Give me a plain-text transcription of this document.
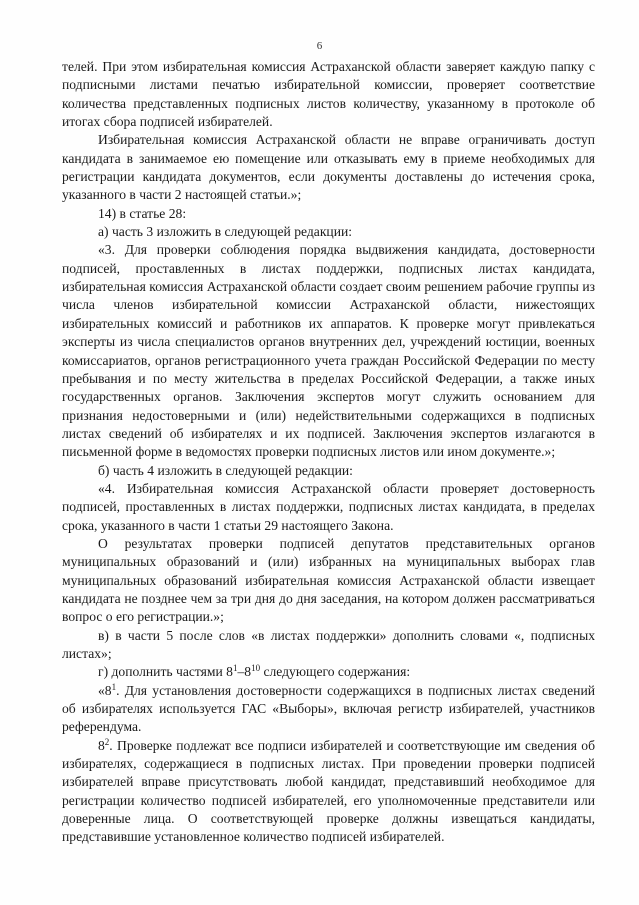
6

телей. При этом избирательная комиссия Астраханской области заверяет каждую папку с подписными листами печатью избирательной комиссии, проверяет соответствие количества представленных подписных листов количеству, указанному в протоколе об итогах сбора подписей избирателей.

Избирательная комиссия Астраханской области не вправе ограничивать доступ кандидата в занимаемое ею помещение или отказывать ему в приеме необходимых для регистрации кандидата документов, если документы доставлены до истечения срока, указанного в части 2 настоящей статьи.»;

14) в статье 28:

а) часть 3 изложить в следующей редакции:

«3. Для проверки соблюдения порядка выдвижения кандидата, достоверности подписей, проставленных в листах поддержки, подписных листах кандидата, избирательная комиссия Астраханской области создает своим решением рабочие группы из числа членов избирательной комиссии Астраханской области, нижестоящих избирательных комиссий и работников их аппаратов. К проверке могут привлекаться эксперты из числа специалистов органов внутренних дел, учреждений юстиции, военных комиссариатов, органов регистрационного учета граждан Российской Федерации по месту пребывания и по месту жительства в пределах Российской Федерации, а также иных государственных органов. Заключения экспертов могут служить основанием для признания недостоверными и (или) недействительными содержащихся в подписных листах сведений об избирателях и их подписей. Заключения экспертов излагаются в письменной форме в ведомостях проверки подписных листов или ином документе.»;

б) часть 4 изложить в следующей редакции:

«4. Избирательная комиссия Астраханской области проверяет достоверность подписей, проставленных в листах поддержки, подписных листах кандидата, в пределах срока, указанного в части 1 статьи 29 настоящего Закона.

О результатах проверки подписей депутатов представительных органов муниципальных образований и (или) избранных на муниципальных выборах глав муниципальных образований избирательная комиссия Астраханской области извещает кандидата не позднее чем за три дня до дня заседания, на котором должен рассматриваться вопрос о его регистрации.»;

в) в части 5 после слов «в листах поддержки» дополнить словами «, подписных листах»;

г) дополнить частями $8^1-8^{10}$ следующего содержания:

«$8^1$. Для установления достоверности содержащихся в подписных листах сведений об избирателях используется ГАС «Выборы», включая регистр избирателей, участников референдума.

$8^2$. Проверке подлежат все подписи избирателей и соответствующие им сведения об избирателях, содержащиеся в подписных листах. При проведении проверки подписей избирателей вправе присутствовать любой кандидат, представивший необходимое для регистрации количество подписей избирателей, его уполномоченные представители или доверенные лица. О соответствующей проверке должны извещаться кандидаты, представившие установленное количество подписей избирателей.
